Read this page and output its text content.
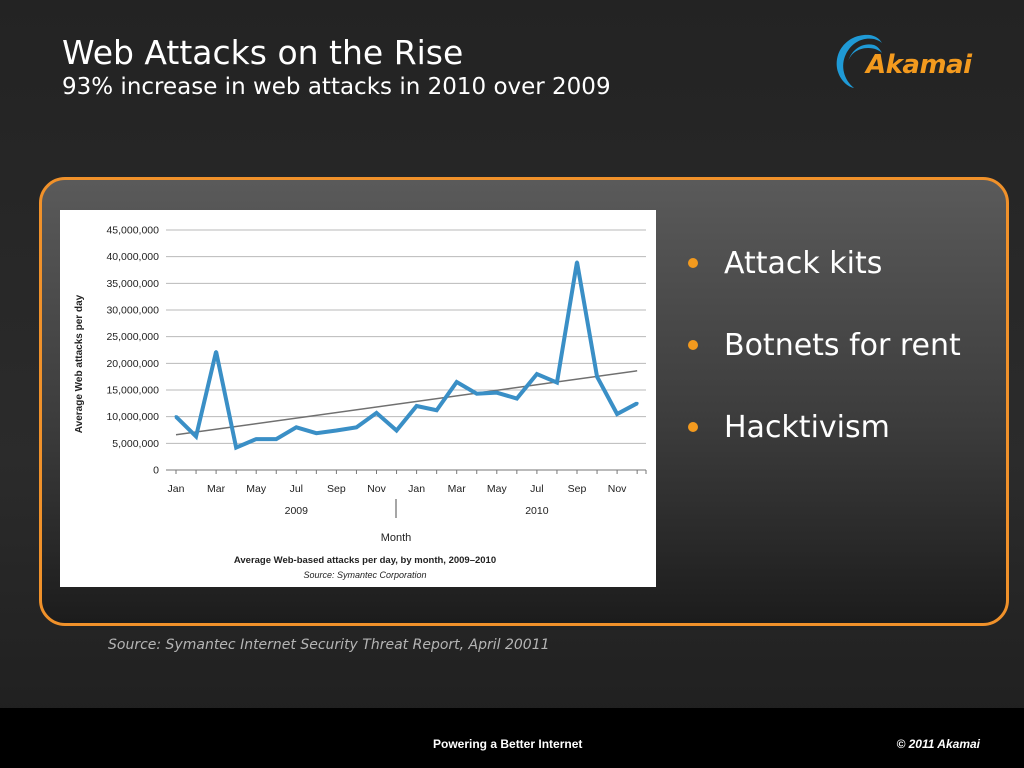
Web Attacks on the Rise
93% increase in web attacks in 2010 over 2009
Akamai
0
5,000,000
10,000,000
15,000,000
20,000,000
25,000,000
30,000,000
35,000,000
40,000,000
45,000,000
Jan Mar May Jul Sep Nov Jan Mar May Jul Sep Nov
2009	2010
Average Web attacks per day
Month
Average Web-based attacks per day, by month, 2009–2010
Source: Symantec Corporation
Attack kits
Botnets for rent
Hacktivism
Source: Symantec Internet Security Threat Report, April 20011
Powering a Better Internet	© 2011 Akamai
